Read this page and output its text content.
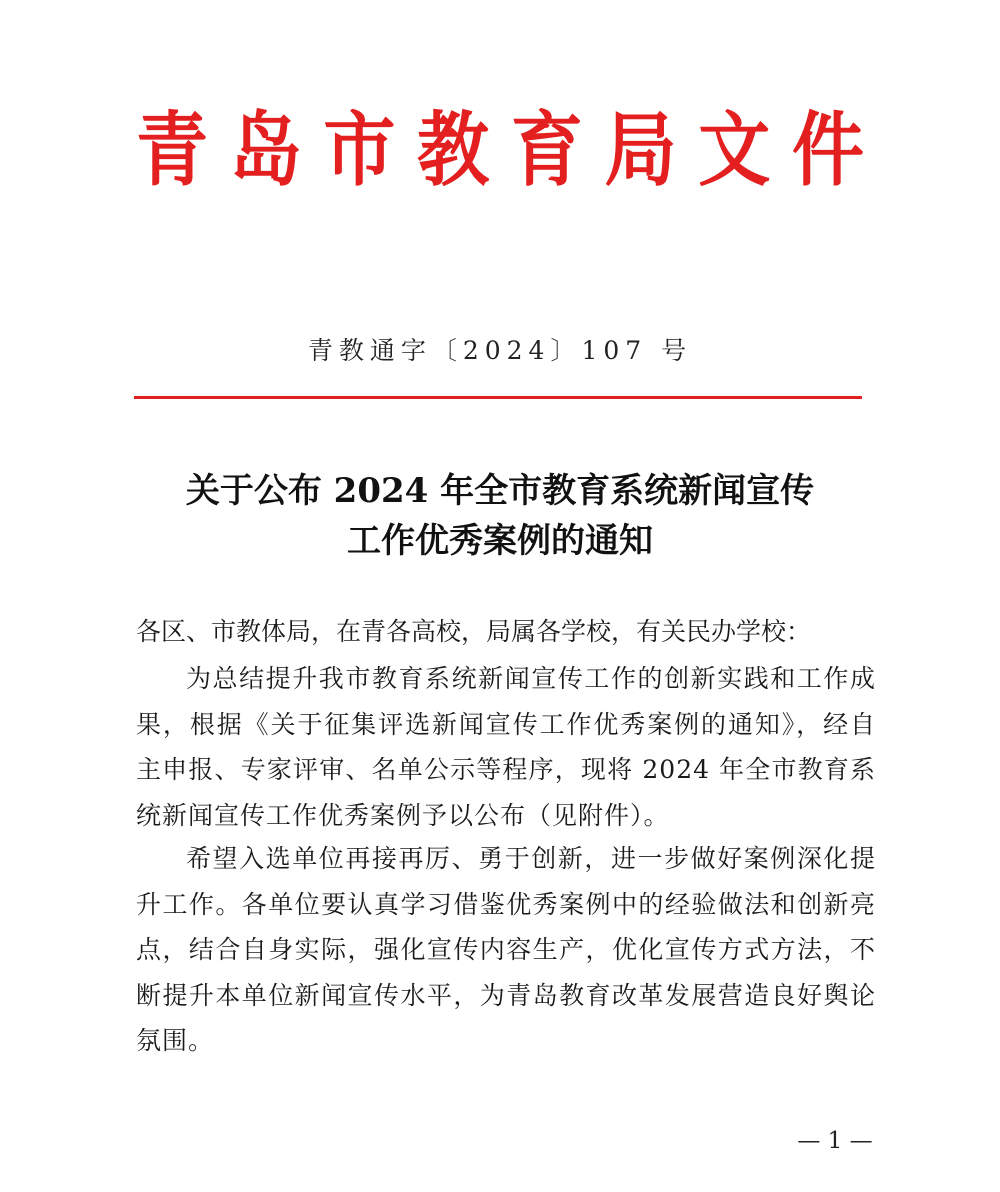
青岛市教育局文件
青教通字〔2024〕107 号
关于公布 2024 年全市教育系统新闻宣传
工作优秀案例的通知
各区、市教体局，在青各高校，局属各学校，有关民办学校：

为总结提升我市教育系统新闻宣传工作的创新实践和工作成果，根据《关于征集评选新闻宣传工作优秀案例的通知》，经自主申报、专家评审、名单公示等程序，现将 2024 年全市教育系统新闻宣传工作优秀案例予以公布（见附件）。

希望入选单位再接再厉、勇于创新，进一步做好案例深化提升工作。各单位要认真学习借鉴优秀案例中的经验做法和创新亮点，结合自身实际，强化宣传内容生产，优化宣传方式方法，不断提升本单位新闻宣传水平，为青岛教育改革发展营造良好舆论氛围。

— 1 —
